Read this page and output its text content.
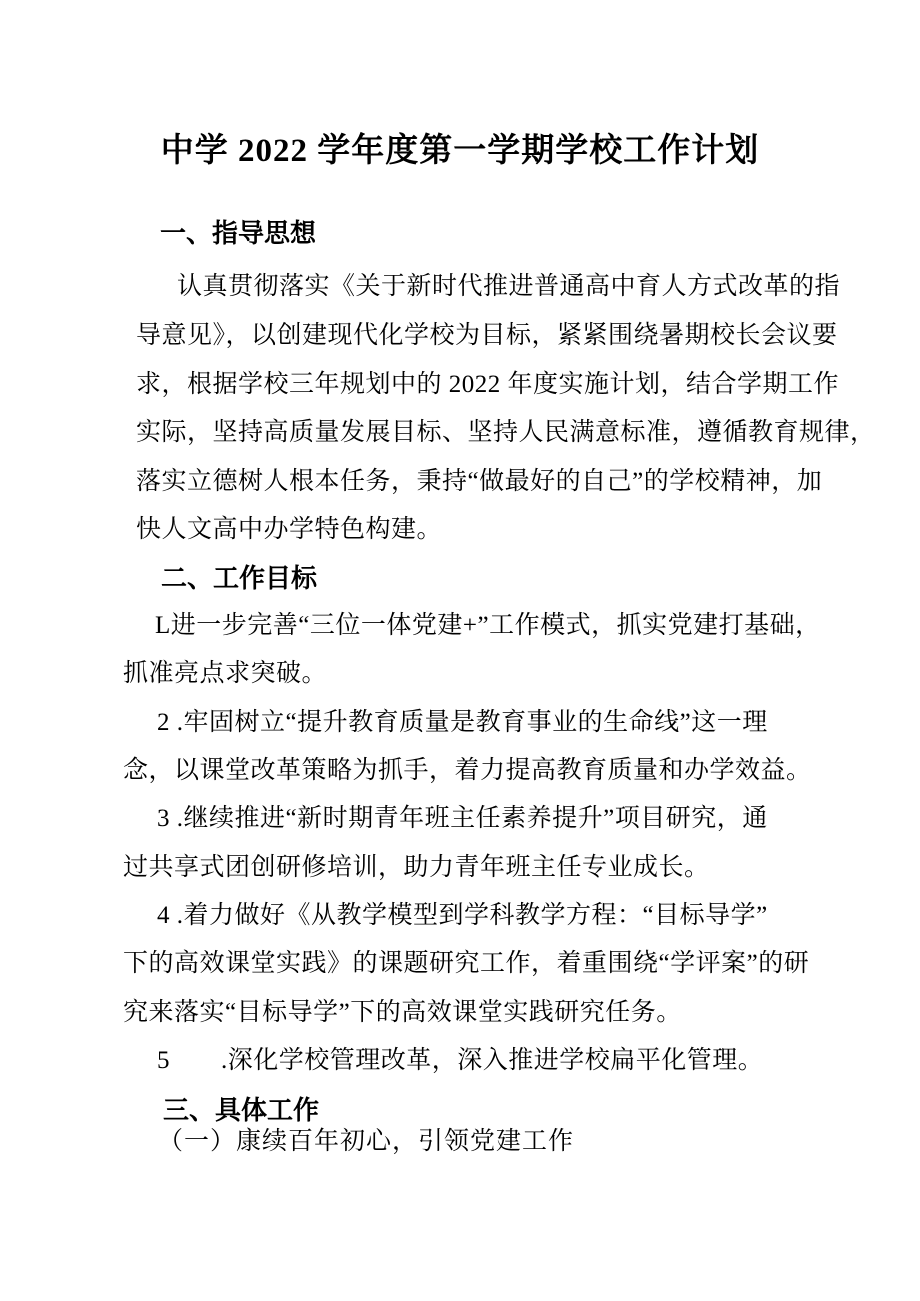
中学 2022 学年度第一学期学校工作计划
一、指导思想
认真贯彻落实《关于新时代推进普通高中育人方式改革的指
导意见》，以创建现代化学校为目标，紧紧围绕暑期校长会议要
求，根据学校三年规划中的 2022 年度实施计划，结合学期工作
实际，坚持高质量发展目标、坚持人民满意标准，遵循教育规律，
落实立德树人根本任务，秉持“做最好的自己”的学校精神，加
快人文高中办学特色构建。
二、工作目标
L进一步完善“三位一体党建+”工作模式，抓实党建打基础，
抓准亮点求突破。
2 .牢固树立“提升教育质量是教育事业的生命线”这一理
念，以课堂改革策略为抓手，着力提高教育质量和办学效益。
3 .继续推进“新时期青年班主任素养提升”项目研究，通
过共享式团创研修培训，助力青年班主任专业成长。
4 .着力做好《从教学模型到学科教学方程：“目标导学”
下的高效课堂实践》的课题研究工作，着重围绕“学评案”的研
究来落实“目标导学”下的高效课堂实践研究任务。
5　　.深化学校管理改革，深入推进学校扁平化管理。
三、具体工作
（一）康续百年初心，引领党建工作
